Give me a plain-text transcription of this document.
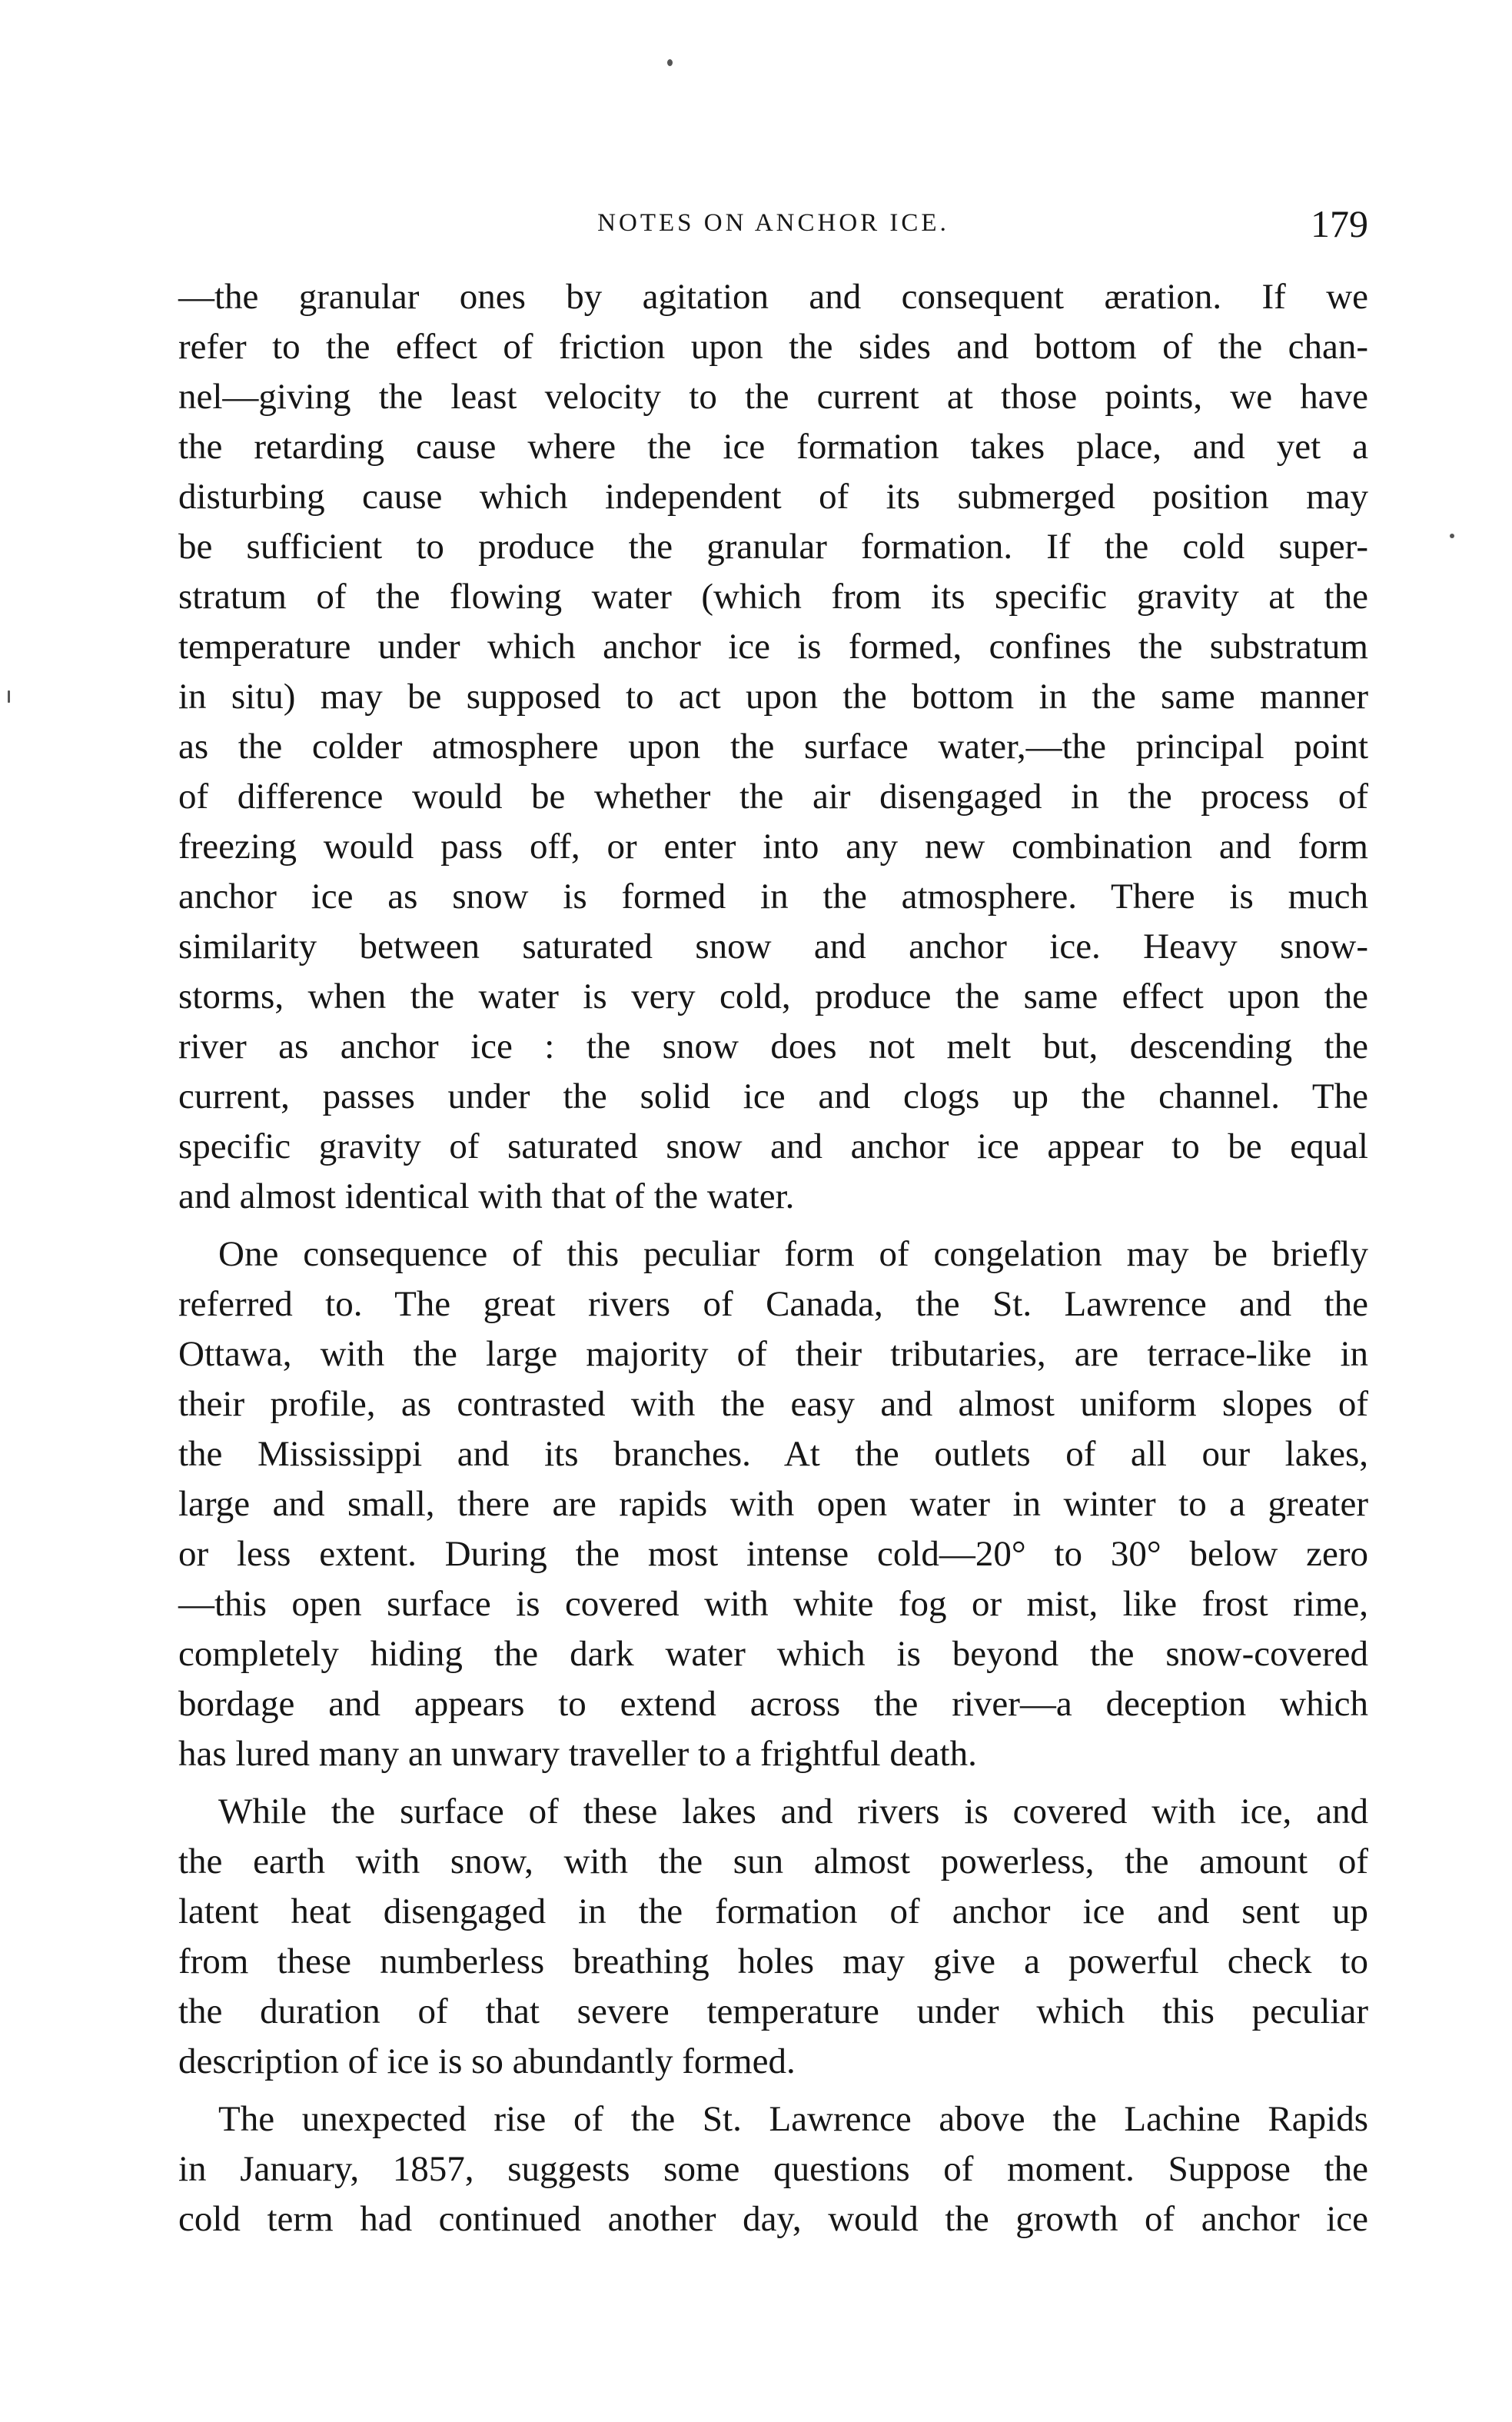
NOTES ON ANCHOR ICE.	179
—the granular ones by agitation and consequent æration. If we
refer to the effect of friction upon the sides and bottom of the chan-
nel—giving the least velocity to the current at those points, we have
the retarding cause where the ice formation takes place, and yet a
disturbing cause which independent of its submerged position may
be sufficient to produce the granular formation. If the cold super-
stratum of the flowing water (which from its specific gravity at the
temperature under which anchor ice is formed, confines the substratum
in situ) may be supposed to act upon the bottom in the same manner
as the colder atmosphere upon the surface water,—the principal point
of difference would be whether the air disengaged in the process of
freezing would pass off, or enter into any new combination and form
anchor ice as snow is formed in the atmosphere. There is much
similarity between saturated snow and anchor ice. Heavy snow-
storms, when the water is very cold, produce the same effect upon the
river as anchor ice : the snow does not melt but, descending the
current, passes under the solid ice and clogs up the channel. The
specific gravity of saturated snow and anchor ice appear to be equal
and almost identical with that of the water.
One consequence of this peculiar form of congelation may be briefly
referred to. The great rivers of Canada, the St. Lawrence and the
Ottawa, with the large majority of their tributaries, are terrace-like in
their profile, as contrasted with the easy and almost uniform slopes of
the Mississippi and its branches. At the outlets of all our lakes,
large and small, there are rapids with open water in winter to a greater
or less extent. During the most intense cold—20° to 30° below zero
—this open surface is covered with white fog or mist, like frost rime,
completely hiding the dark water which is beyond the snow-covered
bordage and appears to extend across the river—a deception which
has lured many an unwary traveller to a frightful death.
While the surface of these lakes and rivers is covered with ice, and
the earth with snow, with the sun almost powerless, the amount of
latent heat disengaged in the formation of anchor ice and sent up
from these numberless breathing holes may give a powerful check to
the duration of that severe temperature under which this peculiar
description of ice is so abundantly formed.
The unexpected rise of the St. Lawrence above the Lachine Rapids
in January, 1857, suggests some questions of moment. Suppose the
cold term had continued another day, would the growth of anchor ice
